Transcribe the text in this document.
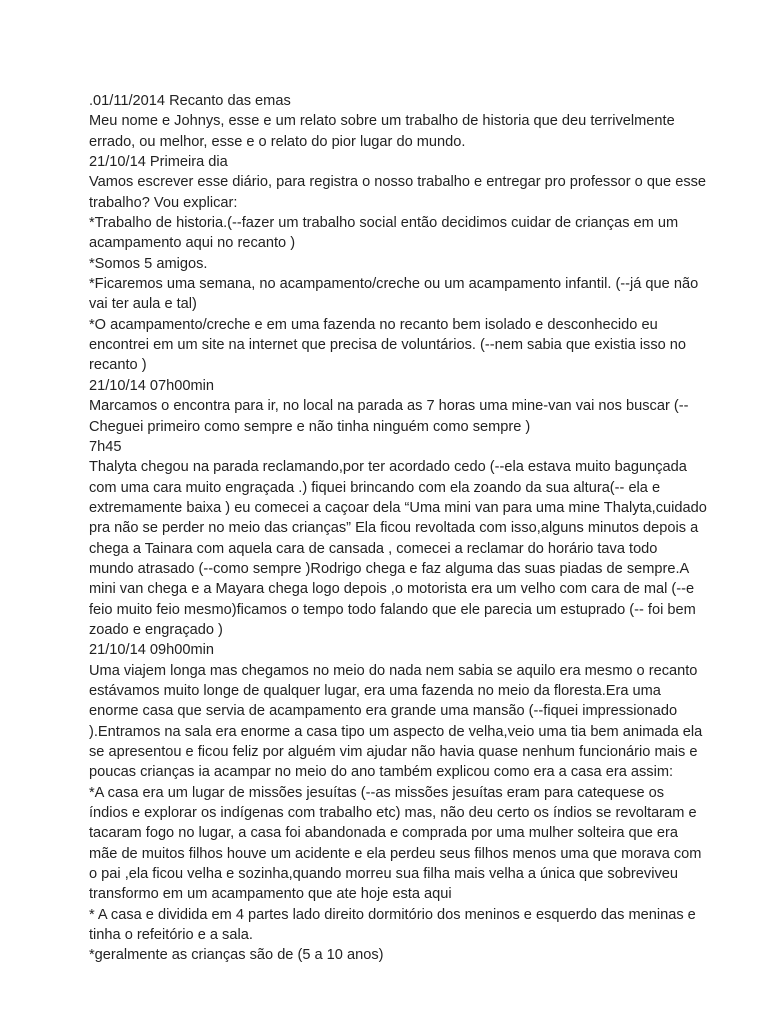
.01/11/2014 Recanto das emas
Meu nome e Johnys, esse e um relato sobre um trabalho de historia que deu terrivelmente
errado, ou melhor, esse e o relato do pior lugar do mundo.
21/10/14 Primeira dia
Vamos escrever esse diário, para registra o nosso trabalho e entregar pro professor o que esse
trabalho? Vou explicar:
*Trabalho de historia.(--fazer um trabalho social então decidimos cuidar de crianças em um
acampamento aqui no recanto )
*Somos 5 amigos.
*Ficaremos uma semana, no acampamento/creche ou um acampamento infantil. (--já que não
vai ter aula e tal)
*O acampamento/creche e em uma fazenda no recanto bem isolado e desconhecido eu
encontrei em um site na internet que precisa de voluntários. (--nem sabia que existia isso no
recanto )
21/10/14 07h00min
Marcamos o encontra para ir, no local na parada as 7 horas uma mine-van vai nos buscar (--
Cheguei primeiro como sempre e não tinha ninguém como sempre )
7h45
Thalyta chegou na parada reclamando,por ter acordado cedo (--ela estava muito bagunçada
com uma cara muito engraçada .) fiquei brincando com ela zoando da sua altura(-- ela e
extremamente baixa ) eu comecei a caçoar dela “Uma mini van para uma mine Thalyta,cuidado
pra não se perder no meio das crianças” Ela ficou revoltada com isso,alguns minutos depois a
chega a Tainara com aquela cara de cansada , comecei a reclamar do horário tava todo
mundo atrasado (--como sempre )Rodrigo chega e faz alguma das suas piadas de sempre.A
mini van chega e a Mayara chega logo depois ,o motorista era um velho com cara de mal (--e
feio muito feio mesmo)ficamos o tempo todo falando que ele parecia um estuprado (-- foi bem
zoado e engraçado )
21/10/14 09h00min
Uma viajem longa mas chegamos no meio do nada nem sabia se aquilo era mesmo o recanto
estávamos muito longe de qualquer lugar, era uma fazenda no meio da floresta.Era uma
enorme casa que servia de acampamento era grande uma mansão (--fiquei impressionado
).Entramos na sala era enorme a casa tipo um aspecto de velha,veio uma tia bem animada ela
se apresentou e ficou feliz por alguém vim ajudar não havia quase nenhum funcionário mais e
poucas crianças ia acampar no meio do ano também explicou como era a casa era assim:
*A casa era um lugar de missões jesuítas (--as missões jesuítas eram para catequese os
índios e explorar os indígenas com trabalho etc) mas, não deu certo os índios se revoltaram e
tacaram fogo no lugar, a casa foi abandonada e comprada por uma mulher solteira que era
mãe de muitos filhos houve um acidente e ela perdeu seus filhos menos uma que morava com
o pai ,ela ficou velha e sozinha,quando morreu sua filha mais velha a única que sobreviveu
transformo em um acampamento que ate hoje esta aqui
* A casa e dividida em 4 partes lado direito dormitório dos meninos e esquerdo das meninas e
tinha o refeitório e a sala.
*geralmente as crianças são de (5 a 10 anos)
